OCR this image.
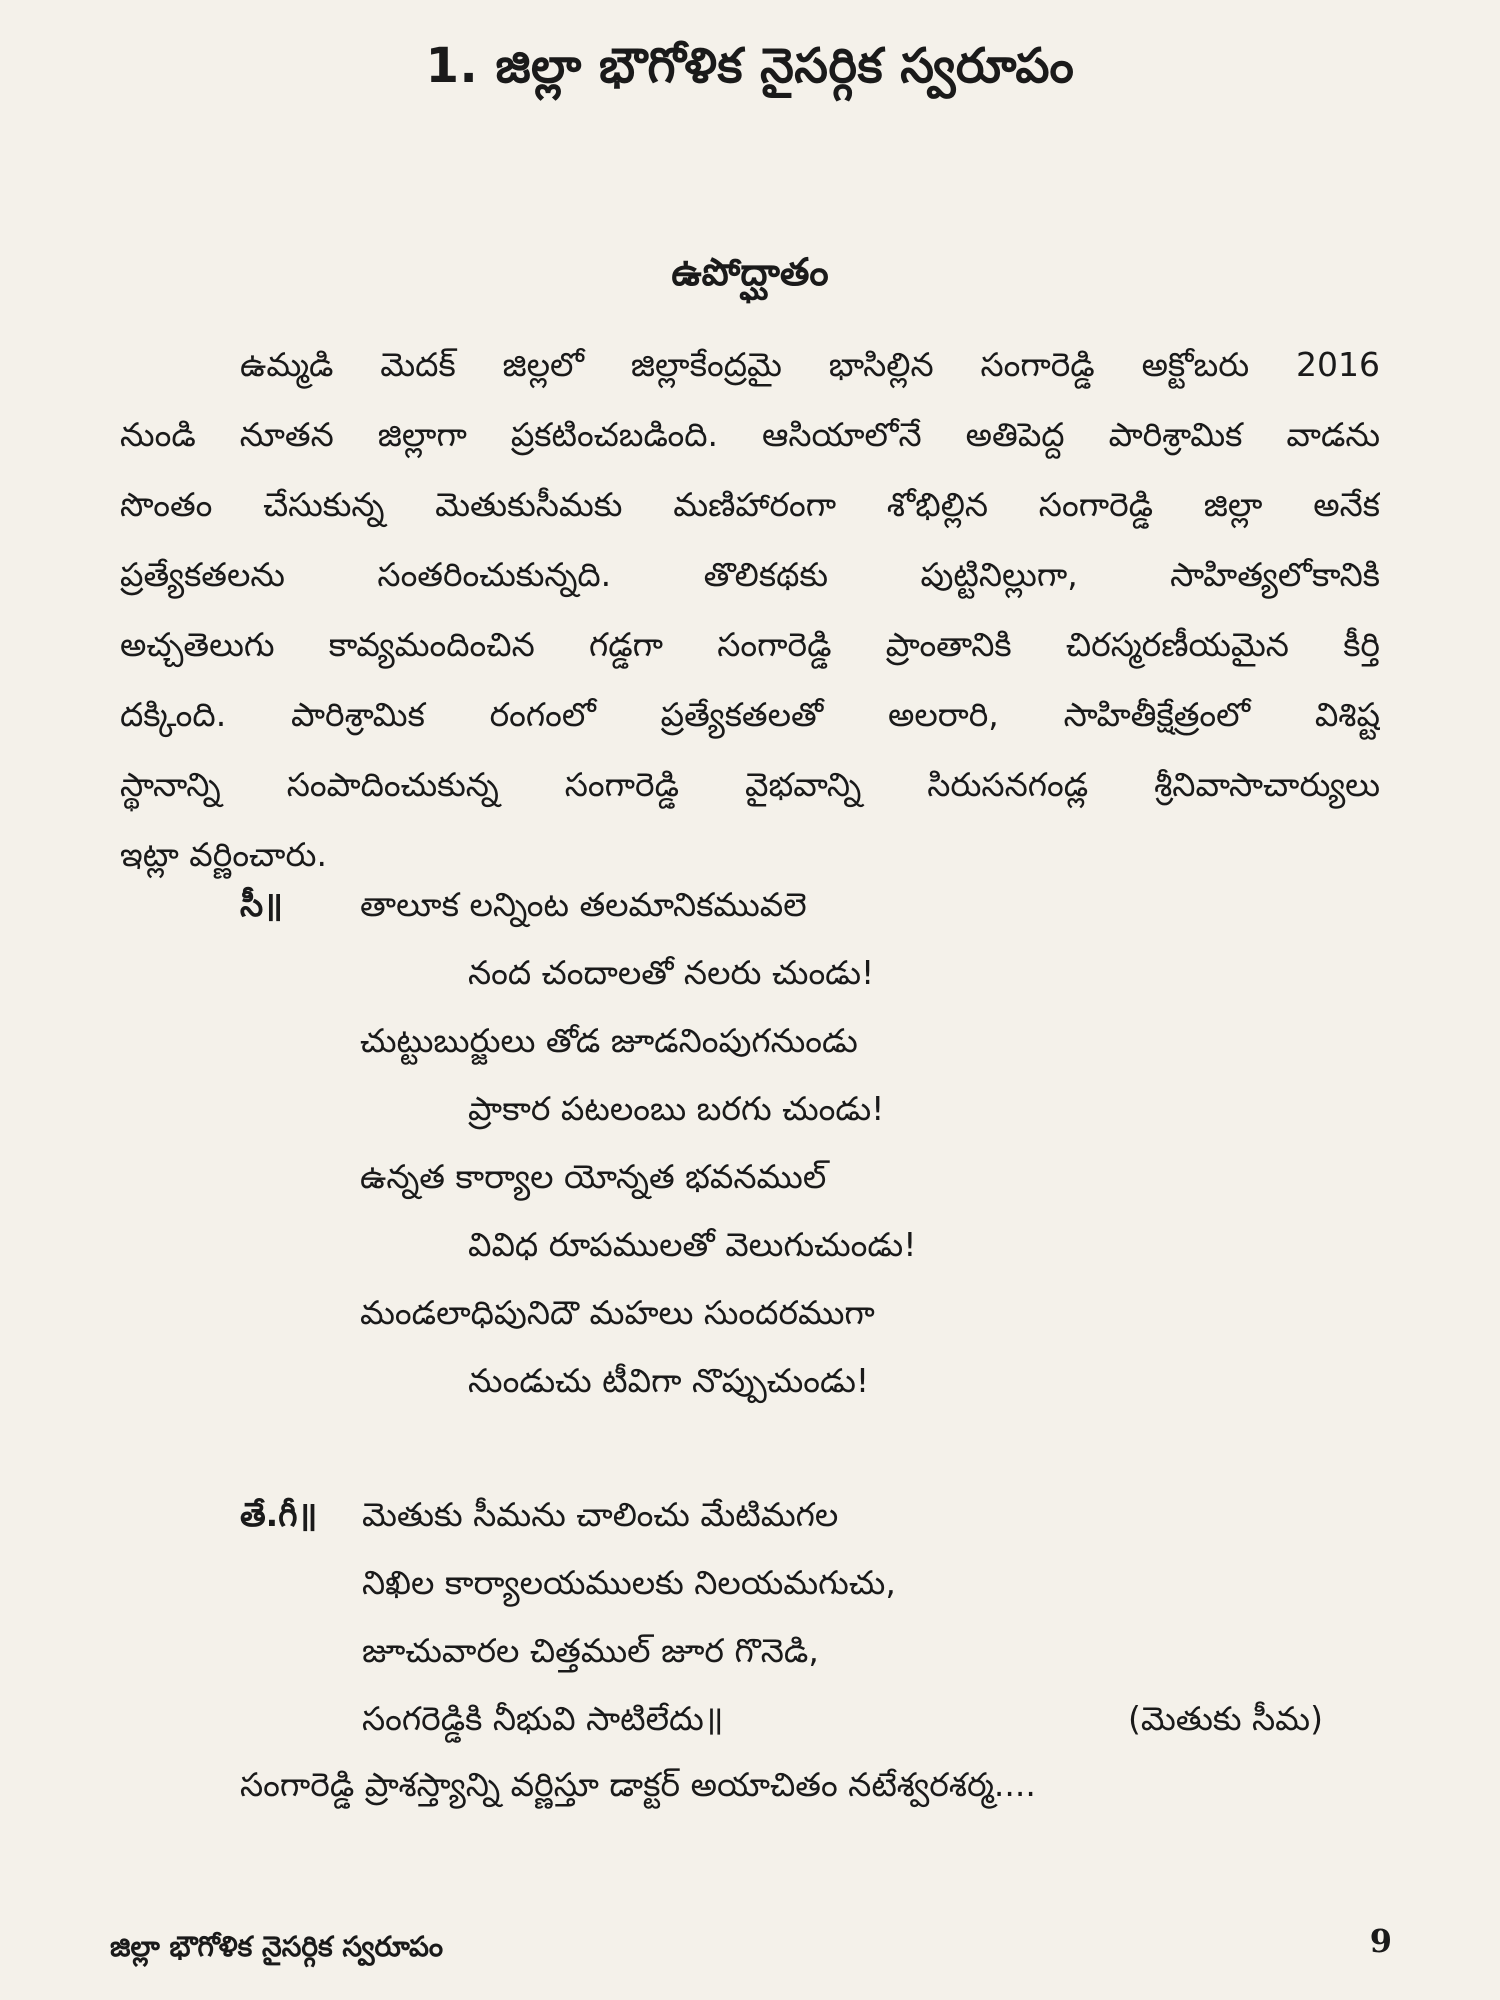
1. జిల్లా భౌగోళిక నైసర్గిక స్వరూపం
ఉపోద్ఘాతం
ఉమ్మడి మెదక్ జిల్లలో జిల్లాకేంద్రమై భాసిల్లిన సంగారెడ్డి అక్టోబరు 2016
నుండి నూతన జిల్లాగా ప్రకటించబడింది. ఆసియాలోనే అతిపెద్ద పారిశ్రామిక వాడను
సొంతం చేసుకున్న మెతుకుసీమకు మణిహారంగా శోభిల్లిన సంగారెడ్డి జిల్లా అనేక
ప్రత్యేకతలను సంతరించుకున్నది. తొలికథకు పుట్టినిల్లుగా, సాహిత్యలోకానికి
అచ్చతెలుగు కావ్యమందించిన గడ్డగా సంగారెడ్డి ప్రాంతానికి చిరస్మరణీయమైన కీర్తి
దక్కింది. పారిశ్రామిక రంగంలో ప్రత్యేకతలతో అలరారి, సాహితీక్షేత్రంలో విశిష్ట
స్థానాన్ని సంపాదించుకున్న సంగారెడ్డి వైభవాన్ని సిరుసనగండ్ల శ్రీనివాసాచార్యులు
ఇట్లా వర్ణించారు.
సీ॥ తాలూక లన్నింట తలమానికమువలె
నంద చందాలతో నలరు చుండు!
చుట్టుబుర్జులు తోడ జూడనింపుగనుండు
ప్రాకార పటలంబు బరగు చుండు!
ఉన్నత కార్యాల యోన్నత భవనముల్
వివిధ రూపములతో వెలుగుచుండు!
మండలాధిపునిదౌ మహలు సుందరముగా
నుండుచు టీవిగా నొప్పుచుండు!
తే.గీ॥ మెతుకు సీమను చాలించు మేటిమగల
నిఖిల కార్యాలయములకు నిలయమగుచు,
జూచువారల చిత్తముల్ జూర గొనెడి,
సంగరెడ్డికి నీభువి సాటిలేదు॥	(మెతుకు సీమ)
సంగారెడ్డి ప్రాశస్త్యాన్ని వర్ణిస్తూ డాక్టర్ అయాచితం నటేశ్వరశర్మ....
జిల్లా భౌగోళిక నైసర్గిక స్వరూపం	9
